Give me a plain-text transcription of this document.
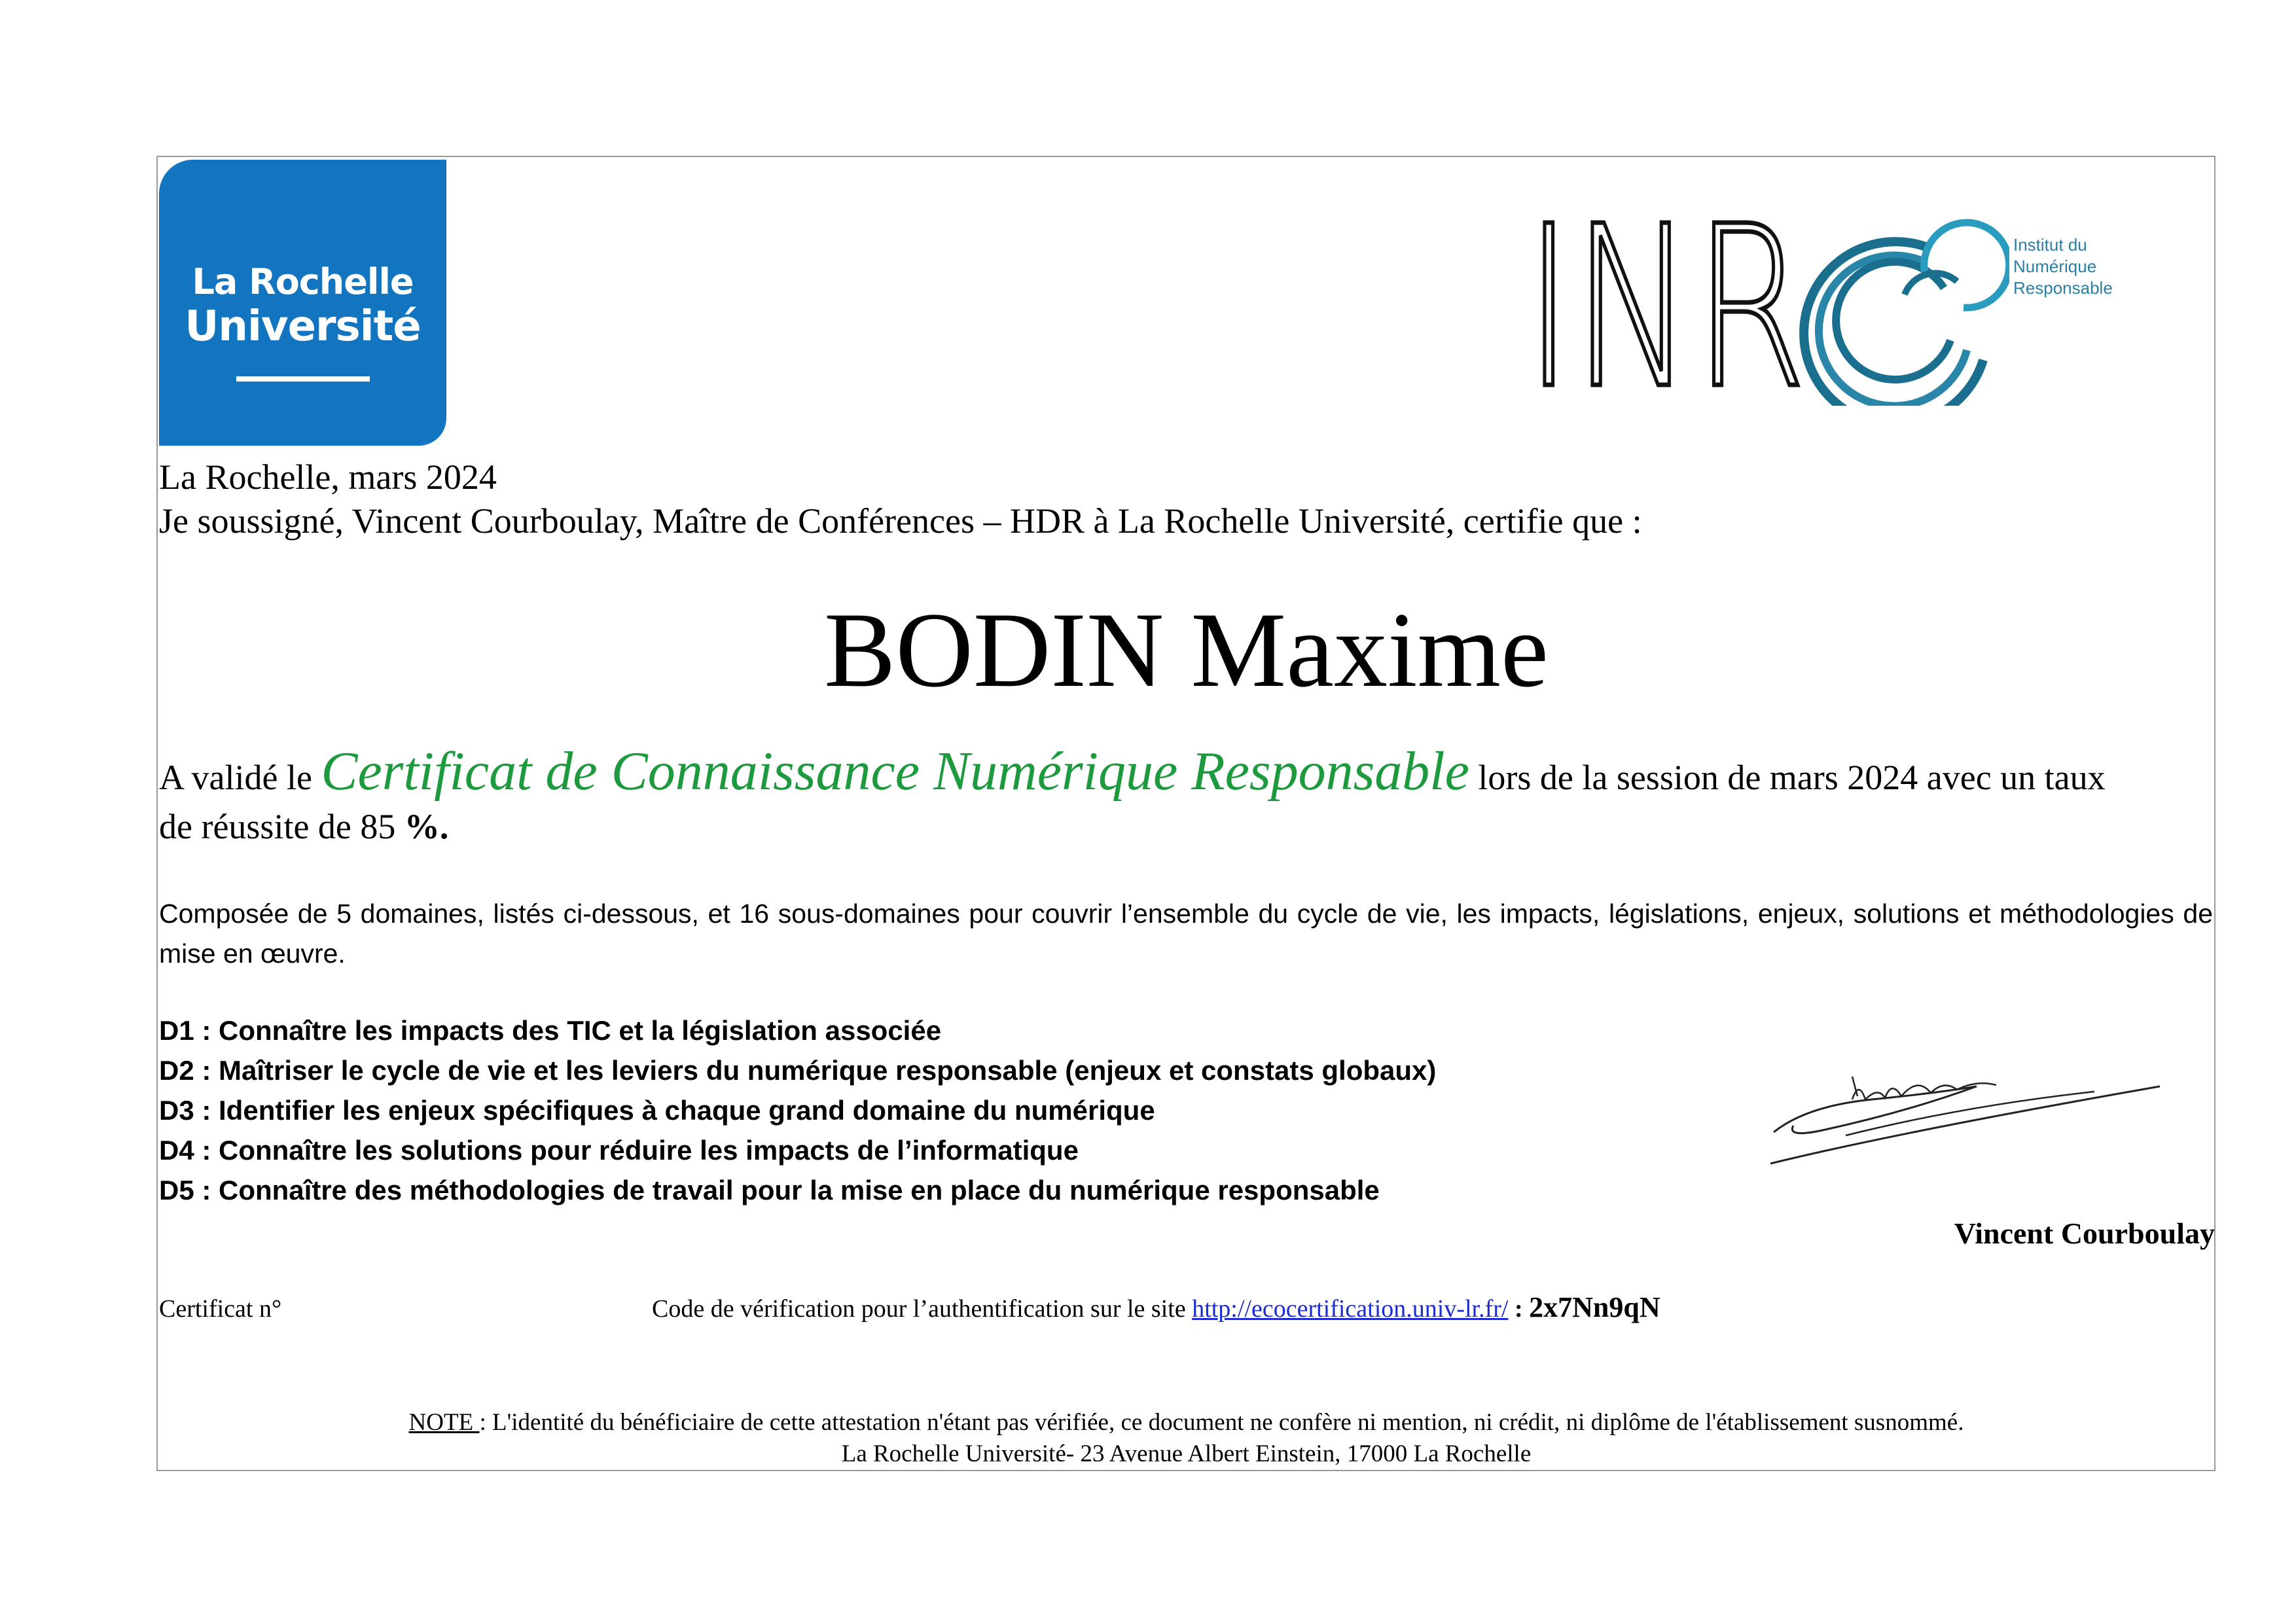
La Rochelle
Université	INR	Institut du
Numérique
Responsable
La Rochelle, mars 2024
Je soussigné, Vincent Courboulay, Maître de Conférences – HDR à La Rochelle Université, certifie que :
BODIN Maxime
A validé le Certificat de Connaissance Numérique Responsable lors de la session de mars 2024 avec un taux
de réussite de 85 %.
Composée de 5 domaines, listés ci-dessous, et 16 sous-domaines pour couvrir l’ensemble du cycle de vie, les impacts, législations, enjeux, solutions et méthodologies de mise en œuvre.
D1 : Connaître les impacts des TIC et la législation associée
D2 : Maîtriser le cycle de vie et les leviers du numérique responsable (enjeux et constats globaux)
D3 : Identifier les enjeux spécifiques à chaque grand domaine du numérique
D4 : Connaître les solutions pour réduire les impacts de l’informatique
D5 : Connaître des méthodologies de travail pour la mise en place du numérique responsable
Vincent Courboulay
Certificat n°	Code de vérification pour l’authentification sur le site http://ecocertification.univ-lr.fr/ : 2x7Nn9qN
NOTE : L'identité du bénéficiaire de cette attestation n'étant pas vérifiée, ce document ne confère ni mention, ni crédit, ni diplôme de l'établissement susnommé.
La Rochelle Université- 23 Avenue Albert Einstein, 17000 La Rochelle
